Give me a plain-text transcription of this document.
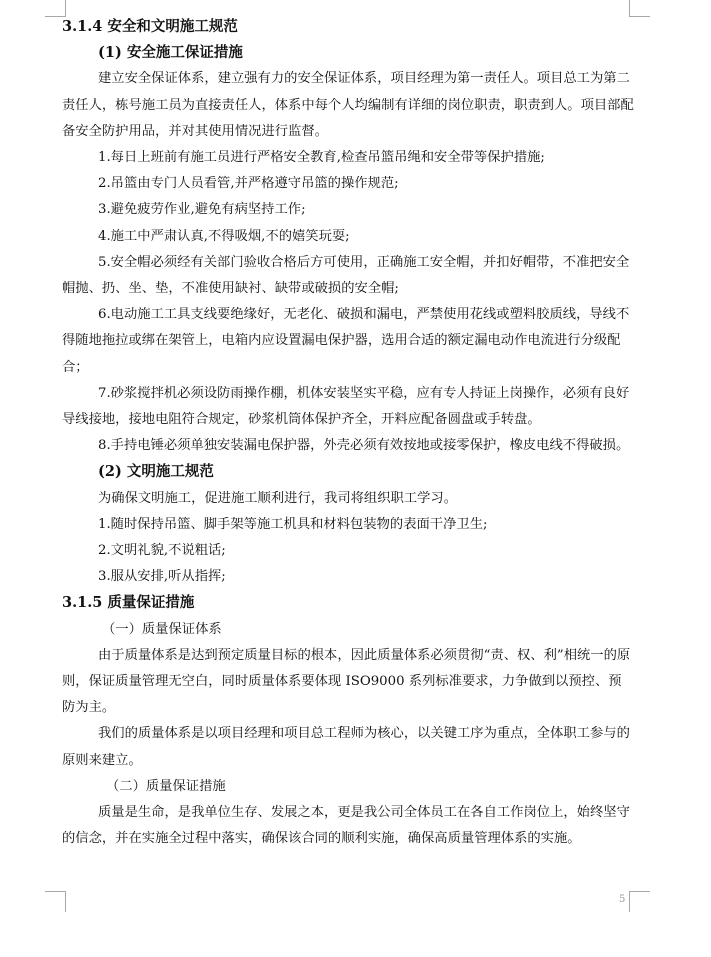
3.1.4 安全和文明施工规范

(1) 安全施工保证措施

建立安全保证体系，建立强有力的安全保证体系，项目经理为第一责任人。项目总工为第二责任人，栋号施工员为直接责任人，体系中每个人均编制有详细的岗位职责，职责到人。项目部配备安全防护用品，并对其使用情况进行监督。

1.每日上班前有施工员进行严格安全教育,检查吊篮吊绳和安全带等保护措施;

2.吊篮由专门人员看管,并严格遵守吊篮的操作规范;

3.避免疲劳作业,避免有病坚持工作;

4.施工中严肃认真,不得吸烟,不的嬉笑玩耍;

5.安全帽必须经有关部门验收合格后方可使用，正确施工安全帽，并扣好帽带，不准把安全帽抛、扔、坐、垫，不准使用缺衬、缺带或破损的安全帽;

6.电动施工工具支线要绝缘好，无老化、破损和漏电，严禁使用花线或塑料胶质线，导线不得随地拖拉或绑在架管上，电箱内应设置漏电保护器，选用合适的额定漏电动作电流进行分级配合；

7.砂浆搅拌机必须设防雨操作棚，机体安装坚实平稳，应有专人持证上岗操作，必须有良好导线接地，接地电阻符合规定，砂浆机筒体保护齐全，开料应配备圆盘或手转盘。

8.手持电锤必须单独安装漏电保护器，外壳必须有效按地或接零保护，橡皮电线不得破损。

(2) 文明施工规范

为确保文明施工，促进施工顺利进行，我司将组织职工学习。

1.随时保持吊篮、脚手架等施工机具和材料包装物的表面干净卫生;

2.文明礼貌,不说粗话;

3.服从安排,听从指挥;

3.1.5 质量保证措施

（一）质量保证体系

由于质量体系是达到预定质量目标的根本，因此质量体系必须贯彻“责、权、利”相统一的原则，保证质量管理无空白，同时质量体系要体现 ISO9000 系列标准要求，力争做到以预控、预防为主。

我们的质量体系是以项目经理和项目总工程师为核心，以关键工序为重点，全体职工参与的原则来建立。

（二）质量保证措施

质量是生命，是我单位生存、发展之本，更是我公司全体员工在各自工作岗位上，始终坚守的信念，并在实施全过程中落实，确保该合同的顺利实施，确保高质量管理体系的实施。

5
